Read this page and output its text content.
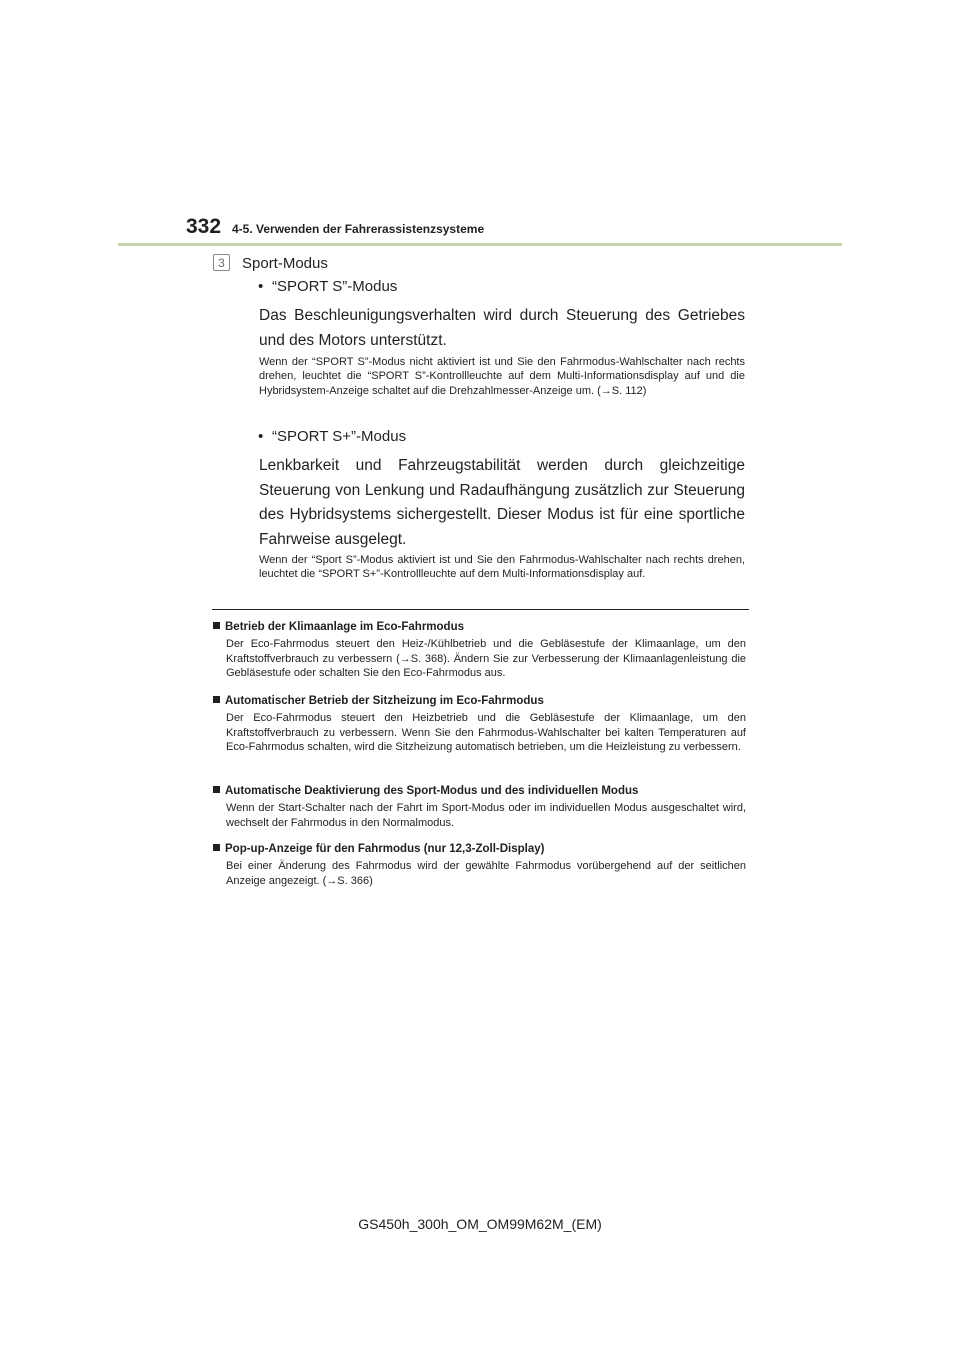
332 4-5. Verwenden der Fahrerassistenzsysteme
3	Sport-Modus
• “SPORT S”-Modus

Das Beschleunigungsverhalten wird durch Steuerung des Getriebes und des Motors unterstützt.

Wenn der “SPORT S”-Modus nicht aktiviert ist und Sie den Fahrmodus-Wahlschalter nach rechts drehen, leuchtet die “SPORT S”-Kontrollleuchte auf dem Multi-Informationsdisplay auf und die Hybridsystem-Anzeige schaltet auf die Drehzahlmesser-Anzeige um. (→S. 112)

• “SPORT S+”-Modus

Lenkbarkeit und Fahrzeugstabilität werden durch gleichzeitige Steuerung von Lenkung und Radaufhängung zusätzlich zur Steuerung des Hybridsystems sichergestellt. Dieser Modus ist für eine sportliche Fahrweise ausgelegt.

Wenn der “Sport S”-Modus aktiviert ist und Sie den Fahrmodus-Wahlschalter nach rechts drehen, leuchtet die “SPORT S+”-Kontrollleuchte auf dem Multi-Informationsdisplay auf.

Betrieb der Klimaanlage im Eco-Fahrmodus
Der Eco-Fahrmodus steuert den Heiz-/Kühlbetrieb und die Gebläsestufe der Klimaanlage, um den Kraftstoffverbrauch zu verbessern (→S. 368). Ändern Sie zur Verbesserung der Klimaanlagenleistung die Gebläsestufe oder schalten Sie den Eco-Fahrmodus aus.
Automatischer Betrieb der Sitzheizung im Eco-Fahrmodus
Der Eco-Fahrmodus steuert den Heizbetrieb und die Gebläsestufe der Klimaanlage, um den Kraftstoffverbrauch zu verbessern. Wenn Sie den Fahrmodus-Wahlschalter bei kalten Temperaturen auf Eco-Fahrmodus schalten, wird die Sitzheizung automatisch betrieben, um die Heizleistung zu verbessern.
Automatische Deaktivierung des Sport-Modus und des individuellen Modus
Wenn der Start-Schalter nach der Fahrt im Sport-Modus oder im individuellen Modus ausgeschaltet wird, wechselt der Fahrmodus in den Normalmodus.
Pop-up-Anzeige für den Fahrmodus (nur 12,3-Zoll-Display)
Bei einer Änderung des Fahrmodus wird der gewählte Fahrmodus vorübergehend auf der seitlichen Anzeige angezeigt. (→S. 366)
GS450h_300h_OM_OM99M62M_(EM)
